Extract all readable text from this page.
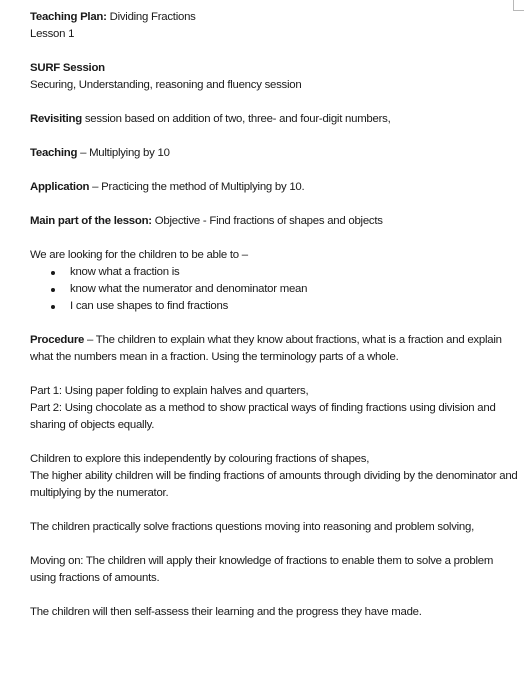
Teaching Plan: Dividing Fractions

Lesson 1

SURF Session

Securing, Understanding, reasoning and fluency session

Revisiting session based on addition of two, three- and four-digit numbers,

Teaching – Multiplying by 10

Application – Practicing the method of Multiplying by 10.

Main part of the lesson: Objective - Find fractions of shapes and objects

We are looking for the children to be able to –

know what a fraction is
know what the numerator and denominator mean
I can use shapes to find fractions

Procedure – The children to explain what they know about fractions, what is a fraction and explain what the numbers mean in a fraction. Using the terminology parts of a whole.

Part 1: Using paper folding to explain halves and quarters,

Part 2: Using chocolate as a method to show practical ways of finding fractions using division and sharing of objects equally.

Children to explore this independently by colouring fractions of shapes,

The higher ability children will be finding fractions of amounts through dividing by the denominator and multiplying by the numerator.

The children practically solve fractions questions moving into reasoning and problem solving,

Moving on: The children will apply their knowledge of fractions to enable them to solve a problem using fractions of amounts.

The children will then self-assess their learning and the progress they have made.
